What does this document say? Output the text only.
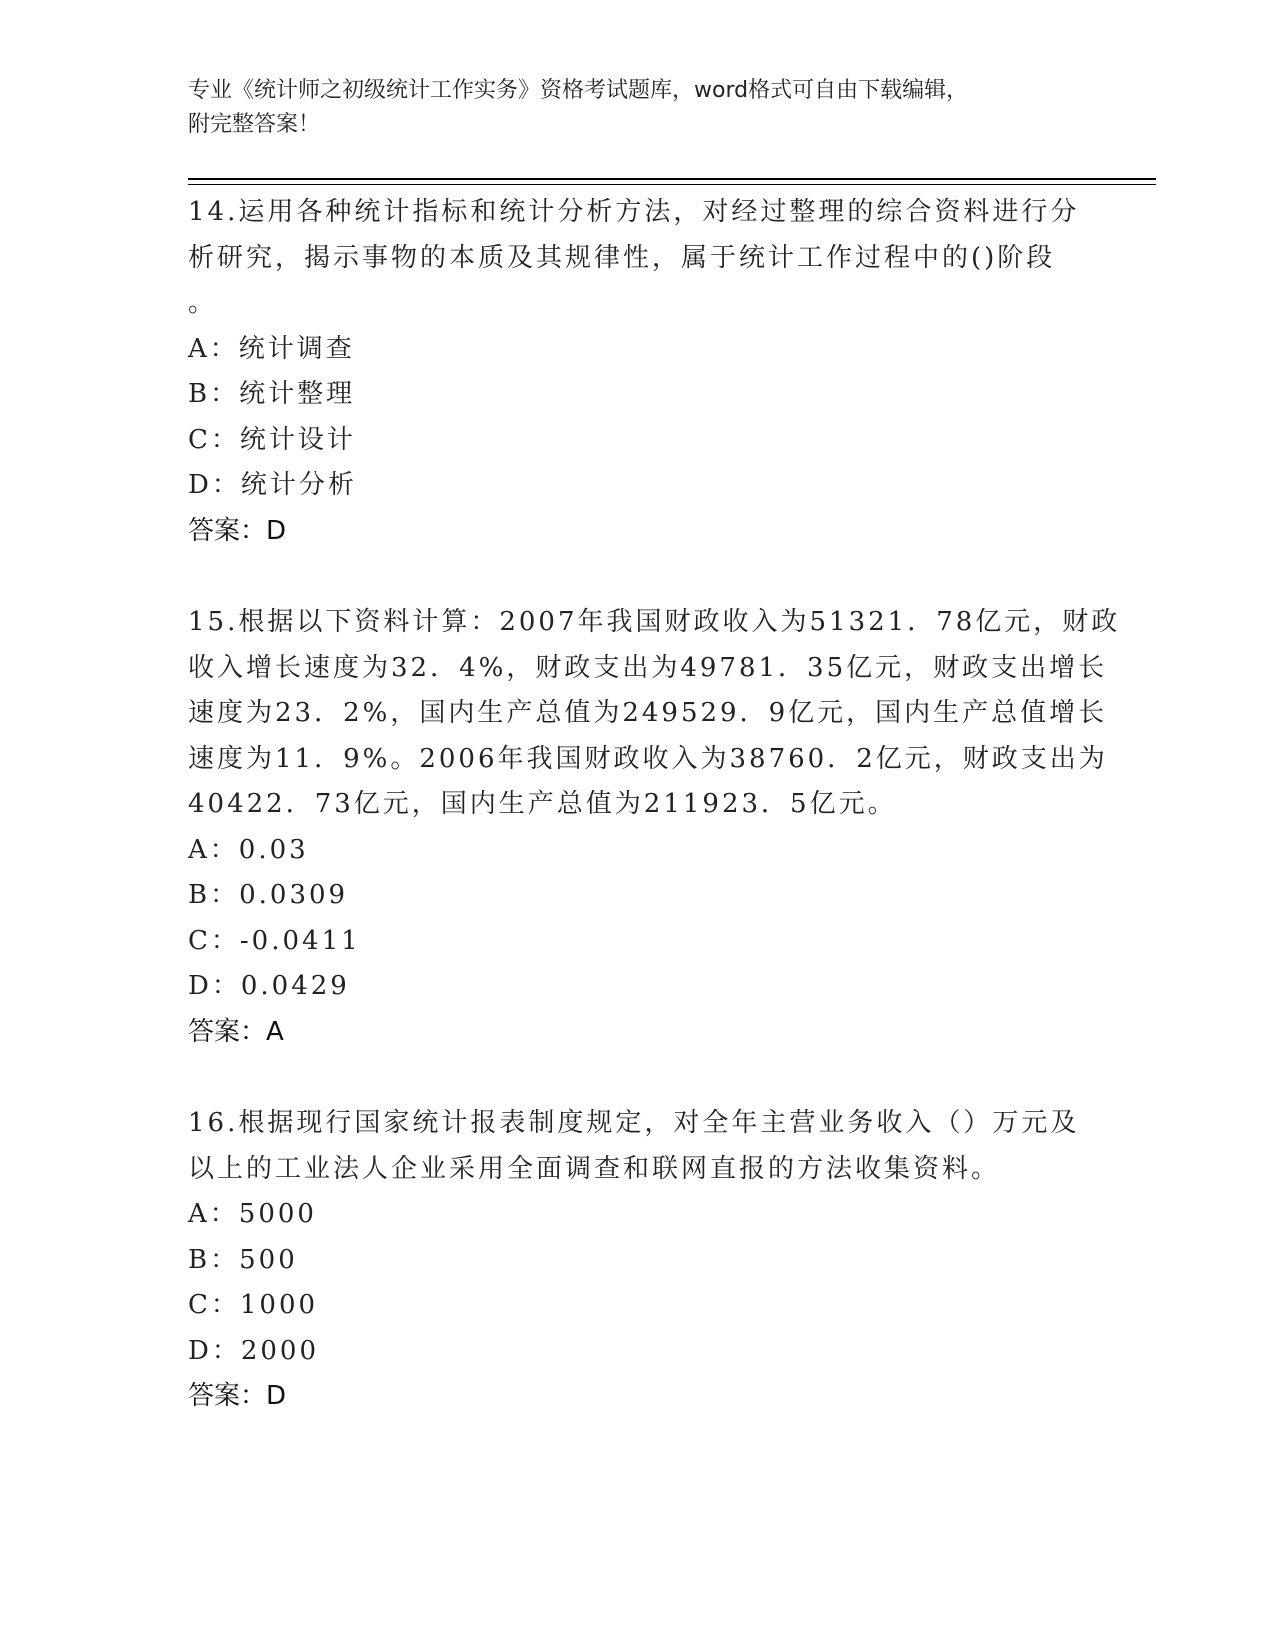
专业《统计师之初级统计工作实务》资格考试题库，word格式可自由下载编辑，
附完整答案！
14.运用各种统计指标和统计分析方法，对经过整理的综合资料进行分
析研究，揭示事物的本质及其规律性，属于统计工作过程中的()阶段
。
A：统计调查
B：统计整理
C：统计设计
D：统计分析
答案：D
15.根据以下资料计算：2007年我国财政收入为51321．78亿元，财政
收入增长速度为32．4%，财政支出为49781．35亿元，财政支出增长
速度为23．2%，国内生产总值为249529．9亿元，国内生产总值增长
速度为11．9%。2006年我国财政收入为38760．2亿元，财政支出为
40422．73亿元，国内生产总值为211923．5亿元。
A：0.03
B：0.0309
C：-0.0411
D：0.0429
答案：A
16.根据现行国家统计报表制度规定，对全年主营业务收入（）万元及
以上的工业法人企业采用全面调查和联网直报的方法收集资料。
A：5000
B：500
C：1000
D：2000
答案：D
